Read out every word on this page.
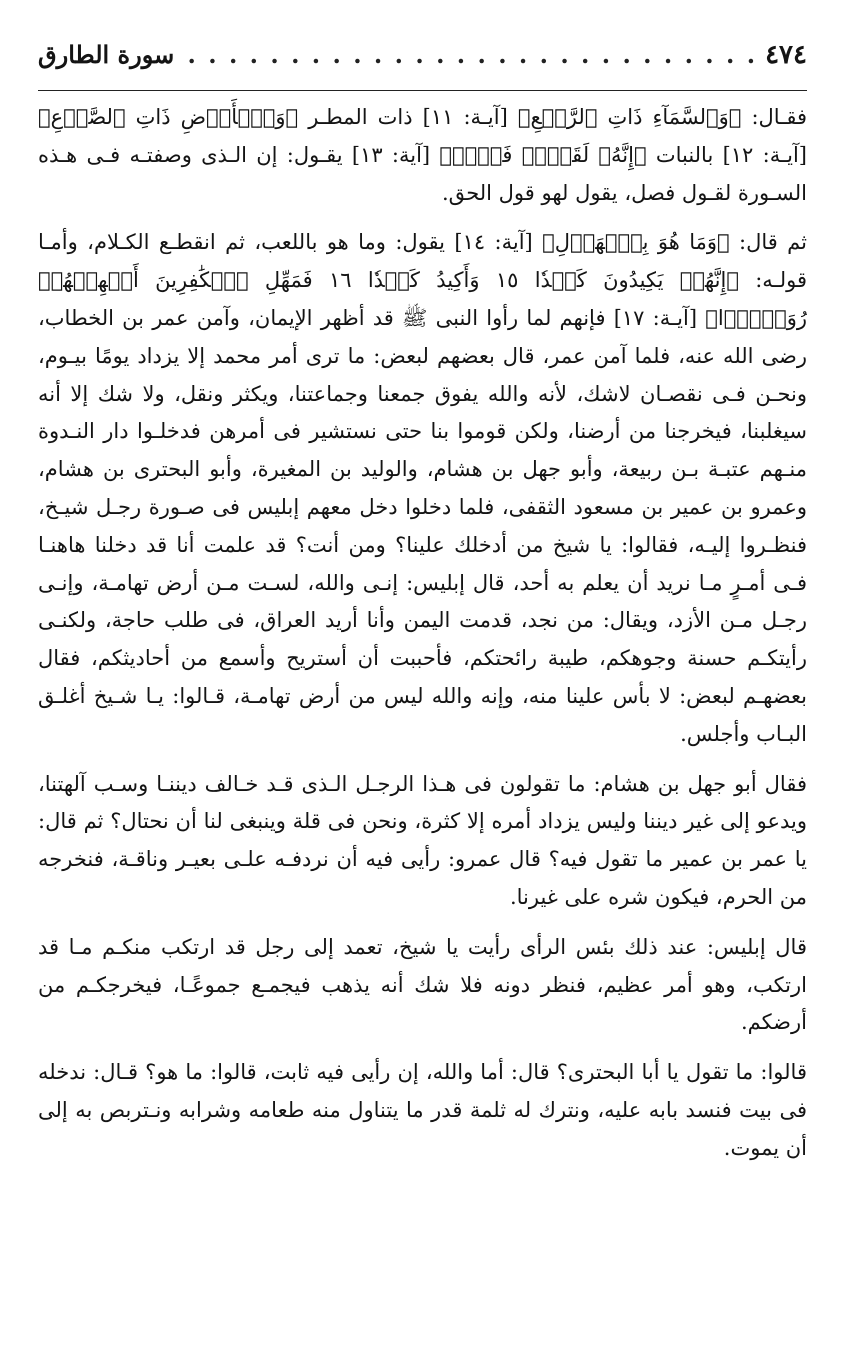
٤٧٤
. . .
سورة الطارق

فقـال: ﴿وَٱلسَّمَآءِ ذَاتِ ٱلرَّجۡعِ﴾ [آيـة: ١١] ذات المطـر ﴿وَٱلۡأَرۡضِ ذَاتِ ٱلصَّدۡعِ﴾ [آيـة: ١٢] بالنبات ﴿إِنَّهُۥ لَقَوۡلٞ فَصۡلٞ﴾ [آية: ١٣] يقـول: إن الـذى وصفتـه فـى هـذه السـورة لقـول فصل، يقول لهو قول الحق.

ثم قال: ﴿وَمَا هُوَ بِٱلۡهَزۡلِ﴾ [آية: ١٤] يقول: وما هو باللعب، ثم انقطـع الكـلام، وأمـا قولـه: ﴿إِنَّهُمۡ يَكِيدُونَ كَيۡدٗا ١٥ وَأَكِيدُ كَيۡدٗا ١٦ فَمَهِّلِ ٱلۡكَٰفِرِينَ أَمۡهِلۡهُمۡ رُوَيۡدَۢا﴾ [آيـة: ١٧] فإنهم لما رأوا النبى ﷺ قد أظهر الإيمان، وآمن عمر بن الخطاب، رضى الله عنه، فلما آمن عمر، قال بعضهم لبعض: ما ترى أمر محمد إلا يزداد يومًا بيـوم، ونحـن فـى نقصـان لاشك، لأنه والله يفوق جمعنا وجماعتنا، ويكثر ونقل، ولا شك إلا أنه سيغلبنا، فيخرجنا من أرضنا، ولكن قوموا بنا حتى نستشير فى أمرهن فدخلـوا دار النـدوة منـهم عتبـة بـن ربيعة، وأبو جهل بن هشام، والوليد بن المغيرة، وأبو البحترى بن هشام، وعمرو بن عمير بن مسعود الثقفى، فلما دخلوا دخل معهم إبليس فى صـورة رجـل شيـخ، فنظـروا إليـه، فقالوا: يا شيخ من أدخلك علينا؟ ومن أنت؟ قد علمت أنا قد دخلنا هاهنـا فـى أمـرٍ مـا نريد أن يعلم به أحد، قال إبليس: إنـى والله، لسـت مـن أرض تهامـة، وإنـى رجـل مـن الأزد، ويقال: من نجد، قدمت اليمن وأنا أريد العراق، فى طلب حاجة، ولكنـى رأيتكـم حسنة وجوهكم، طيبة رائحتكم، فأحببت أن أستريح وأسمع من أحاديثكم، فقال بعضهـم لبعض: لا بأس علينا منه، وإنه والله ليس من أرض تهامـة، قـالوا: يـا شـيخ أغلـق البـاب وأجلس.

فقال أبو جهل بن هشام: ما تقولون فى هـذا الرجـل الـذى قـد خـالف ديننـا وسـب آلهتنا، ويدعو إلى غير ديننا وليس يزداد أمره إلا كثرة، ونحن فى قلة وينبغى لنا أن نحتال؟ ثم قال: يا عمر بن عمير ما تقول فيه؟ قال عمرو: رأيى فيه أن نردفـه علـى بعيـر وناقـة، فنخرجه من الحرم، فيكون شره على غيرنا.

قال إبليس: عند ذلك بئس الرأى رأيت يا شيخ، تعمد إلى رجل قد ارتكب منكـم مـا قد ارتكب، وهو أمر عظيم، فنظر دونه فلا شك أنه يذهب فيجمـع جموعًـا، فيخرجكـم من أرضكم.

قالوا: ما تقول يا أبا البحترى؟ قال: أما والله، إن رأيى فيه ثابت، قالوا: ما هو؟ قـال: ندخله فى بيت فنسد بابه عليه، ونترك له ثلمة قدر ما يتناول منه طعامه وشرابه ونـتربص به إلى أن يموت.
